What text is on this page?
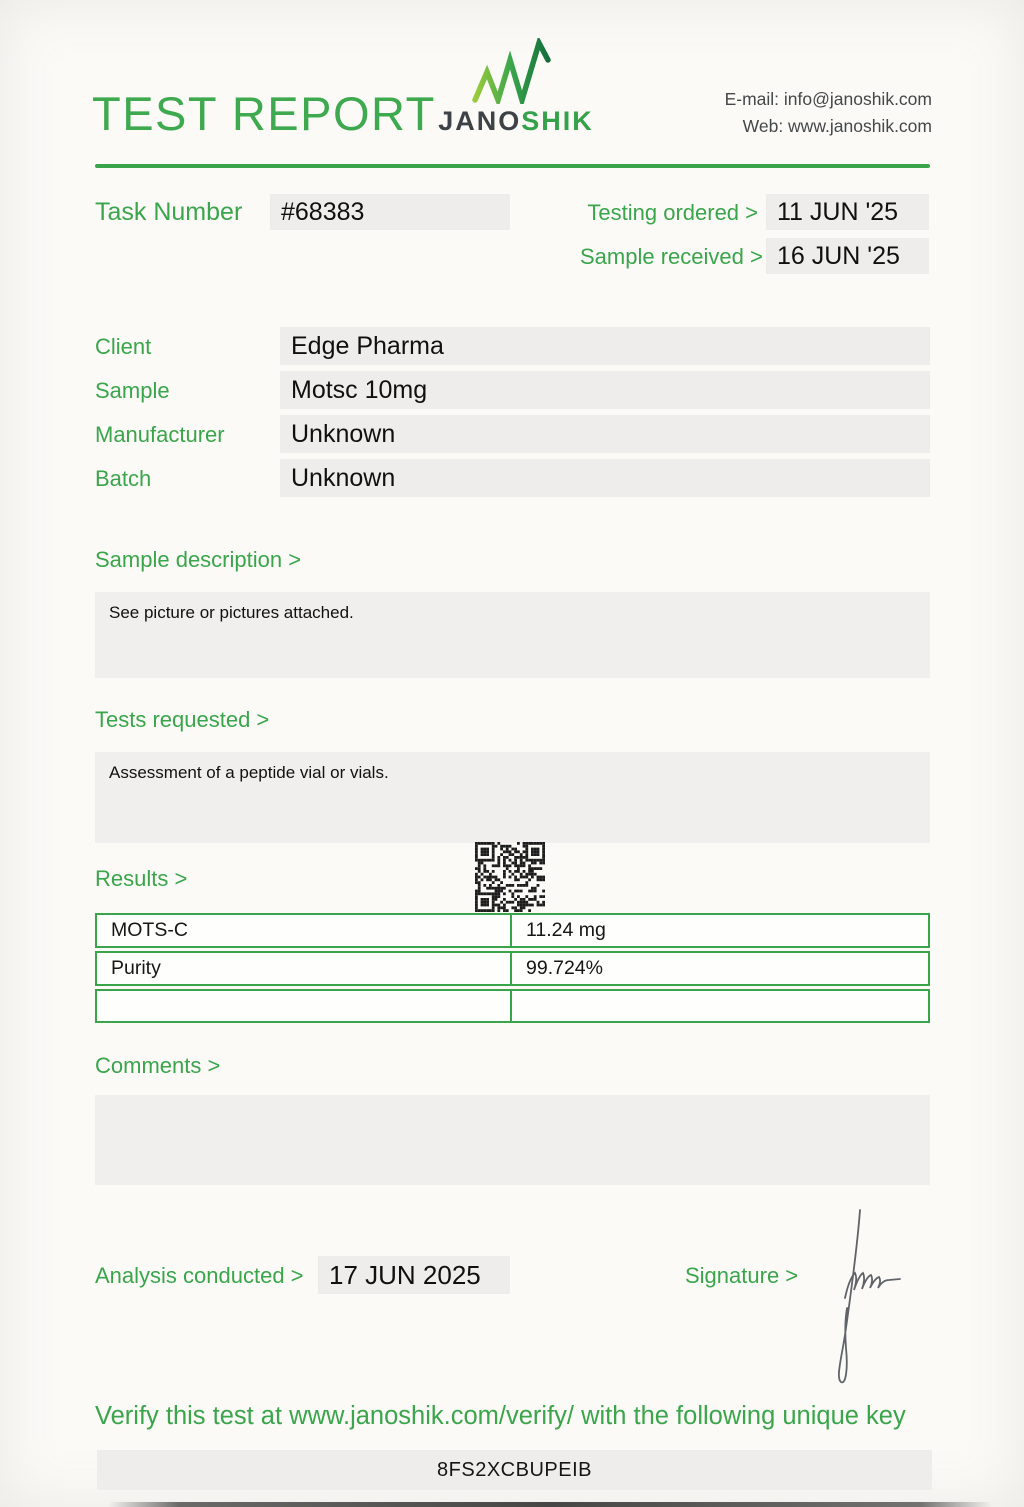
TEST REPORT JANOSHIK
E-mail: info@janoshik.com
Web: www.janoshik.com
Task Number	#68383	Testing ordered > 11 JUN '25
Sample received > 16 JUN '25
Client	Edge Pharma
Sample	Motsc 10mg
Manufacturer	Unknown
Batch	Unknown
Sample description >
See picture or pictures attached.
Tests requested >
Assessment of a peptide vial or vials.
Results >
MOTS-C	11.24 mg
Purity	99.724%
Comments >
Analysis conducted > 17 JUN 2025	Signature >
Verify this test at www.janoshik.com/verify/ with the following unique key
8FS2XCBUPEIB
